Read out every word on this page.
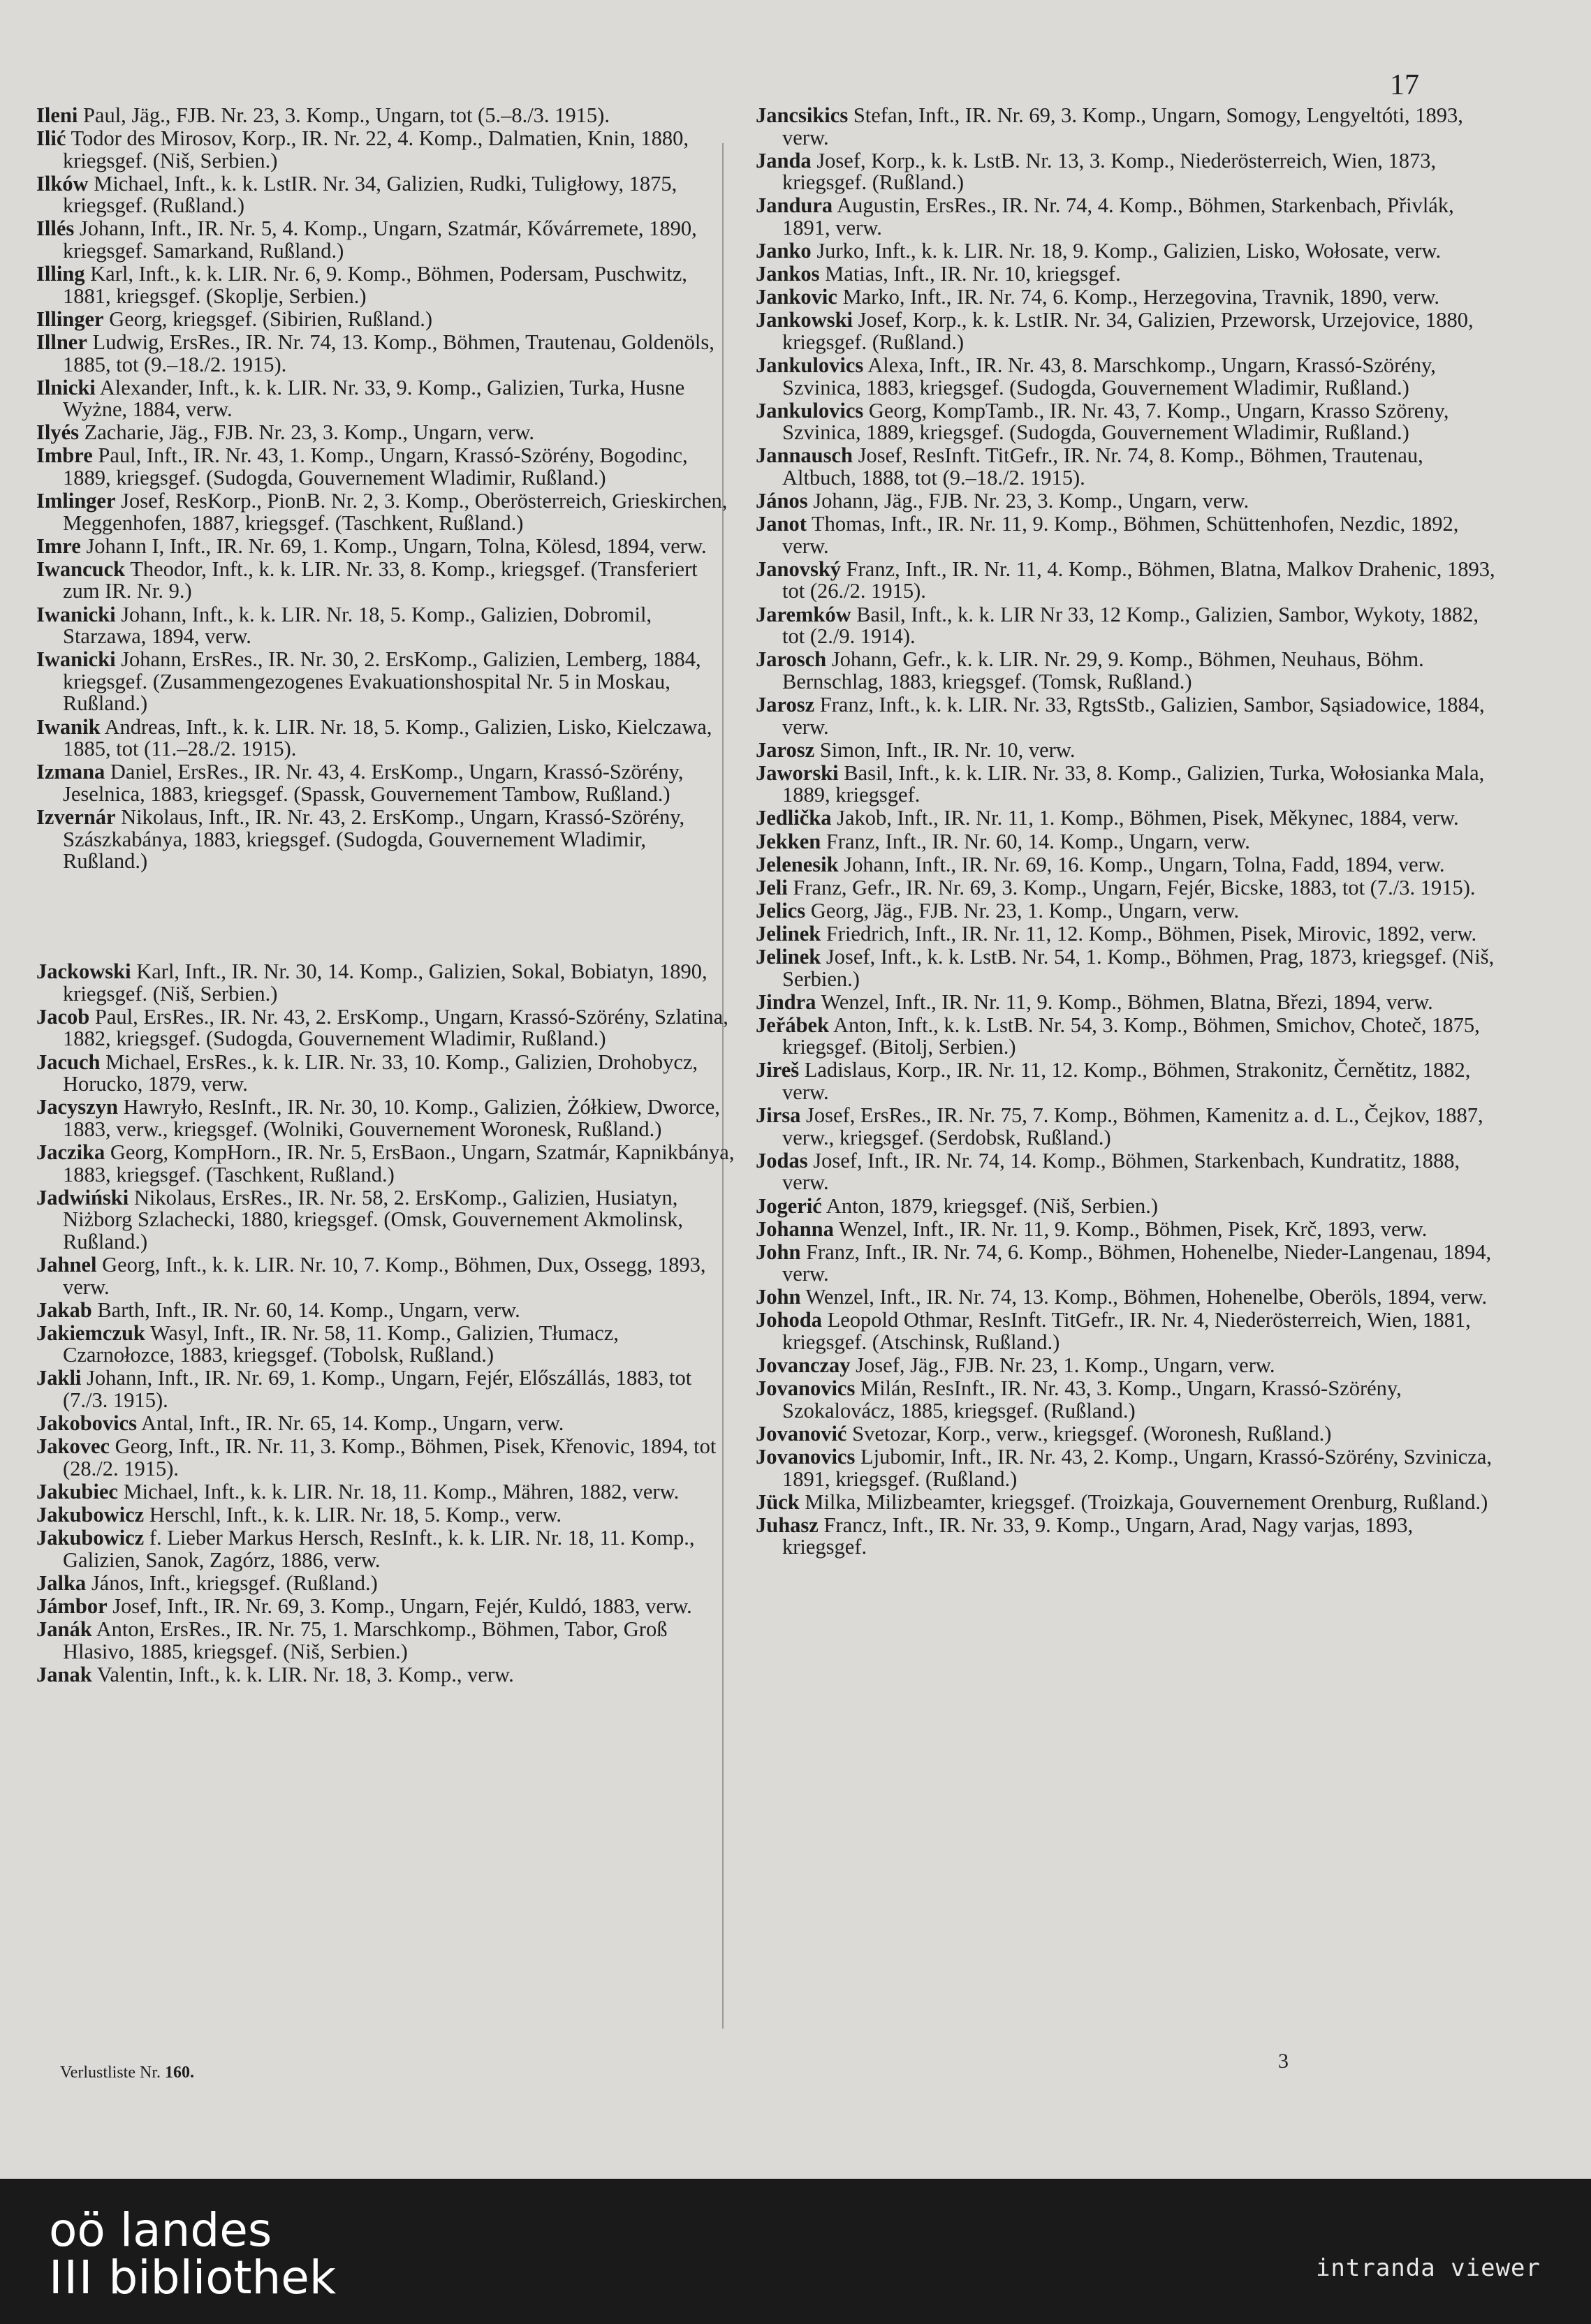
17
Ileni Paul, Jäg., FJB. Nr. 23, 3. Komp., Ungarn, tot (5.–8./3. 1915).
Ilić Todor des Mirosov, Korp., IR. Nr. 22, 4. Komp., Dalmatien, Knin, 1880, kriegsgef. (Niš, Serbien.)
Ilków Michael, Inft., k. k. LstIR. Nr. 34, Galizien, Rudki, Tuligłowy, 1875, kriegsgef. (Rußland.)
Illés Johann, Inft., IR. Nr. 5, 4. Komp., Ungarn, Szatmár, Kővárremete, 1890, kriegsgef. Samarkand, Rußland.)
Illing Karl, Inft., k. k. LIR. Nr. 6, 9. Komp., Böhmen, Podersam, Puschwitz, 1881, kriegsgef. (Skoplje, Serbien.)
Illinger Georg, kriegsgef. (Sibirien, Rußland.)
Illner Ludwig, ErsRes., IR. Nr. 74, 13. Komp., Böhmen, Trautenau, Goldenöls, 1885, tot (9.–18./2. 1915).
Ilnicki Alexander, Inft., k. k. LIR. Nr. 33, 9. Komp., Galizien, Turka, Husne Wyżne, 1884, verw.
Ilyés Zacharie, Jäg., FJB. Nr. 23, 3. Komp., Ungarn, verw.
Imbre Paul, Inft., IR. Nr. 43, 1. Komp., Ungarn, Krassó-Szörény, Bogodinc, 1889, kriegsgef. (Sudogda, Gouvernement Wladimir, Rußland.)
Imlinger Josef, ResKorp., PionB. Nr. 2, 3. Komp., Oberösterreich, Grieskirchen, Meggenhofen, 1887, kriegsgef. (Taschkent, Rußland.)
Imre Johann I, Inft., IR. Nr. 69, 1. Komp., Ungarn, Tolna, Kölesd, 1894, verw.
Iwancuck Theodor, Inft., k. k. LIR. Nr. 33, 8. Komp., kriegsgef. (Transferiert zum IR. Nr. 9.)
Iwanicki Johann, Inft., k. k. LIR. Nr. 18, 5. Komp., Galizien, Dobromil, Starzawa, 1894, verw.
Iwanicki Johann, ErsRes., IR. Nr. 30, 2. ErsKomp., Galizien, Lemberg, 1884, kriegsgef. (Zusammengezogenes Evakuationshospital Nr. 5 in Moskau, Rußland.)
Iwanik Andreas, Inft., k. k. LIR. Nr. 18, 5. Komp., Galizien, Lisko, Kielczawa, 1885, tot (11.–28./2. 1915).
Izmana Daniel, ErsRes., IR. Nr. 43, 4. ErsKomp., Ungarn, Krassó-Szörény, Jeselnica, 1883, kriegsgef. (Spassk, Gouvernement Tambow, Rußland.)
Izvernár Nikolaus, Inft., IR. Nr. 43, 2. ErsKomp., Ungarn, Krassó-Szörény, Szászkabánya, 1883, kriegsgef. (Sudogda, Gouvernement Wladimir, Rußland.)
Jackowski Karl, Inft., IR. Nr. 30, 14. Komp., Galizien, Sokal, Bobiatyn, 1890, kriegsgef. (Niš, Serbien.)
Jacob Paul, ErsRes., IR. Nr. 43, 2. ErsKomp., Ungarn, Krassó-Szörény, Szlatina, 1882, kriegsgef. (Sudogda, Gouvernement Wladimir, Rußland.)
Jacuch Michael, ErsRes., k. k. LIR. Nr. 33, 10. Komp., Galizien, Drohobycz, Horucko, 1879, verw.
Jacyszyn Hawryło, ResInft., IR. Nr. 30, 10. Komp., Galizien, Żółkiew, Dworce, 1883, verw., kriegsgef. (Wolniki, Gouvernement Woronesk, Rußland.)
Jaczika Georg, KompHorn., IR. Nr. 5, ErsBaon., Ungarn, Szatmár, Kapnikbánya, 1883, kriegsgef. (Taschkent, Rußland.)
Jadwiński Nikolaus, ErsRes., IR. Nr. 58, 2. ErsKomp., Galizien, Husiatyn, Niżborg Szlachecki, 1880, kriegsgef. (Omsk, Gouvernement Akmolinsk, Rußland.)
Jahnel Georg, Inft., k. k. LIR. Nr. 10, 7. Komp., Böhmen, Dux, Ossegg, 1893, verw.
Jakab Barth, Inft., IR. Nr. 60, 14. Komp., Ungarn, verw.
Jakiemczuk Wasyl, Inft., IR. Nr. 58, 11. Komp., Galizien, Tłumacz, Czarnołozce, 1883, kriegsgef. (Tobolsk, Rußland.)
Jakli Johann, Inft., IR. Nr. 69, 1. Komp., Ungarn, Fejér, Előszállás, 1883, tot (7./3. 1915).
Jakobovics Antal, Inft., IR. Nr. 65, 14. Komp., Ungarn, verw.
Jakovec Georg, Inft., IR. Nr. 11, 3. Komp., Böhmen, Pisek, Křenovic, 1894, tot (28./2. 1915).
Jakubiec Michael, Inft., k. k. LIR. Nr. 18, 11. Komp., Mähren, 1882, verw.
Jakubowicz Herschl, Inft., k. k. LIR. Nr. 18, 5. Komp., verw.
Jakubowicz f. Lieber Markus Hersch, ResInft., k. k. LIR. Nr. 18, 11. Komp., Galizien, Sanok, Zagórz, 1886, verw.
Jalka János, Inft., kriegsgef. (Rußland.)
Jámbor Josef, Inft., IR. Nr. 69, 3. Komp., Ungarn, Fejér, Kuldó, 1883, verw.
Janák Anton, ErsRes., IR. Nr. 75, 1. Marschkomp., Böhmen, Tabor, Groß Hlasivo, 1885, kriegsgef. (Niš, Serbien.)
Janak Valentin, Inft., k. k. LIR. Nr. 18, 3. Komp., verw.
Jancsikics Stefan, Inft., IR. Nr. 69, 3. Komp., Ungarn, Somogy, Lengyeltóti, 1893, verw.
Janda Josef, Korp., k. k. LstB. Nr. 13, 3. Komp., Niederösterreich, Wien, 1873, kriegsgef. (Rußland.)
Jandura Augustin, ErsRes., IR. Nr. 74, 4. Komp., Böhmen, Starkenbach, Přivlák, 1891, verw.
Janko Jurko, Inft., k. k. LIR. Nr. 18, 9. Komp., Galizien, Lisko, Wołosate, verw.
Jankos Matias, Inft., IR. Nr. 10, kriegsgef.
Jankovic Marko, Inft., IR. Nr. 74, 6. Komp., Herzegovina, Travnik, 1890, verw.
Jankowski Josef, Korp., k. k. LstIR. Nr. 34, Galizien, Przeworsk, Urzejovice, 1880, kriegsgef. (Rußland.)
Jankulovics Alexa, Inft., IR. Nr. 43, 8. Marschkomp., Ungarn, Krassó-Szörény, Szvinica, 1883, kriegsgef. (Sudogda, Gouvernement Wladimir, Rußland.)
Jankulovics Georg, KompTamb., IR. Nr. 43, 7. Komp., Ungarn, Krasso Szöreny, Szvinica, 1889, kriegsgef. (Sudogda, Gouvernement Wladimir, Rußland.)
Jannausch Josef, ResInft. TitGefr., IR. Nr. 74, 8. Komp., Böhmen, Trautenau, Altbuch, 1888, tot (9.–18./2. 1915).
János Johann, Jäg., FJB. Nr. 23, 3. Komp., Ungarn, verw.
Janot Thomas, Inft., IR. Nr. 11, 9. Komp., Böhmen, Schüttenhofen, Nezdic, 1892, verw.
Janovský Franz, Inft., IR. Nr. 11, 4. Komp., Böhmen, Blatna, Malkov Drahenic, 1893, tot (26./2. 1915).
Jaremków Basil, Inft., k. k. LIR Nr 33, 12 Komp., Galizien, Sambor, Wykoty, 1882, tot (2./9. 1914).
Jarosch Johann, Gefr., k. k. LIR. Nr. 29, 9. Komp., Böhmen, Neuhaus, Böhm. Bernschlag, 1883, kriegsgef. (Tomsk, Rußland.)
Jarosz Franz, Inft., k. k. LIR. Nr. 33, RgtsStb., Galizien, Sambor, Sąsiadowice, 1884, verw.
Jarosz Simon, Inft., IR. Nr. 10, verw.
Jaworski Basil, Inft., k. k. LIR. Nr. 33, 8. Komp., Galizien, Turka, Wołosianka Mala, 1889, kriegsgef.
Jedlička Jakob, Inft., IR. Nr. 11, 1. Komp., Böhmen, Pisek, Měkynec, 1884, verw.
Jekken Franz, Inft., IR. Nr. 60, 14. Komp., Ungarn, verw.
Jelenesik Johann, Inft., IR. Nr. 69, 16. Komp., Ungarn, Tolna, Fadd, 1894, verw.
Jeli Franz, Gefr., IR. Nr. 69, 3. Komp., Ungarn, Fejér, Bicske, 1883, tot (7./3. 1915).
Jelics Georg, Jäg., FJB. Nr. 23, 1. Komp., Ungarn, verw.
Jelinek Friedrich, Inft., IR. Nr. 11, 12. Komp., Böhmen, Pisek, Mirovic, 1892, verw.
Jelinek Josef, Inft., k. k. LstB. Nr. 54, 1. Komp., Böhmen, Prag, 1873, kriegsgef. (Niš, Serbien.)
Jindra Wenzel, Inft., IR. Nr. 11, 9. Komp., Böhmen, Blatna, Březi, 1894, verw.
Jeřábek Anton, Inft., k. k. LstB. Nr. 54, 3. Komp., Böhmen, Smichov, Choteč, 1875, kriegsgef. (Bitolj, Serbien.)
Jireš Ladislaus, Korp., IR. Nr. 11, 12. Komp., Böhmen, Strakonitz, Černětitz, 1882, verw.
Jirsa Josef, ErsRes., IR. Nr. 75, 7. Komp., Böhmen, Kamenitz a. d. L., Čejkov, 1887, verw., kriegsgef. (Serdobsk, Rußland.)
Jodas Josef, Inft., IR. Nr. 74, 14. Komp., Böhmen, Starkenbach, Kundratitz, 1888, verw.
Jogerić Anton, 1879, kriegsgef. (Niš, Serbien.)
Johanna Wenzel, Inft., IR. Nr. 11, 9. Komp., Böhmen, Pisek, Krč, 1893, verw.
John Franz, Inft., IR. Nr. 74, 6. Komp., Böhmen, Hohenelbe, Nieder-Langenau, 1894, verw.
John Wenzel, Inft., IR. Nr. 74, 13. Komp., Böhmen, Hohenelbe, Oberöls, 1894, verw.
Johoda Leopold Othmar, ResInft. TitGefr., IR. Nr. 4, Niederösterreich, Wien, 1881, kriegsgef. (Atschinsk, Rußland.)
Jovanczay Josef, Jäg., FJB. Nr. 23, 1. Komp., Ungarn, verw.
Jovanovics Milán, ResInft., IR. Nr. 43, 3. Komp., Ungarn, Krassó-Szörény, Szokalovácz, 1885, kriegsgef. (Rußland.)
Jovanović Svetozar, Korp., verw., kriegsgef. (Woronesh, Rußland.)
Jovanovics Ljubomir, Inft., IR. Nr. 43, 2. Komp., Ungarn, Krassó-Szörény, Szvinicza, 1891, kriegsgef. (Rußland.)
Jück Milka, Milizbeamter, kriegsgef. (Troizkaja, Gouvernement Orenburg, Rußland.)
Juhasz Francz, Inft., IR. Nr. 33, 9. Komp., Ungarn, Arad, Nagy varjas, 1893, kriegsgef.
3
Verlustliste Nr. 160.
oö landes
III bibliothek	intranda viewer
